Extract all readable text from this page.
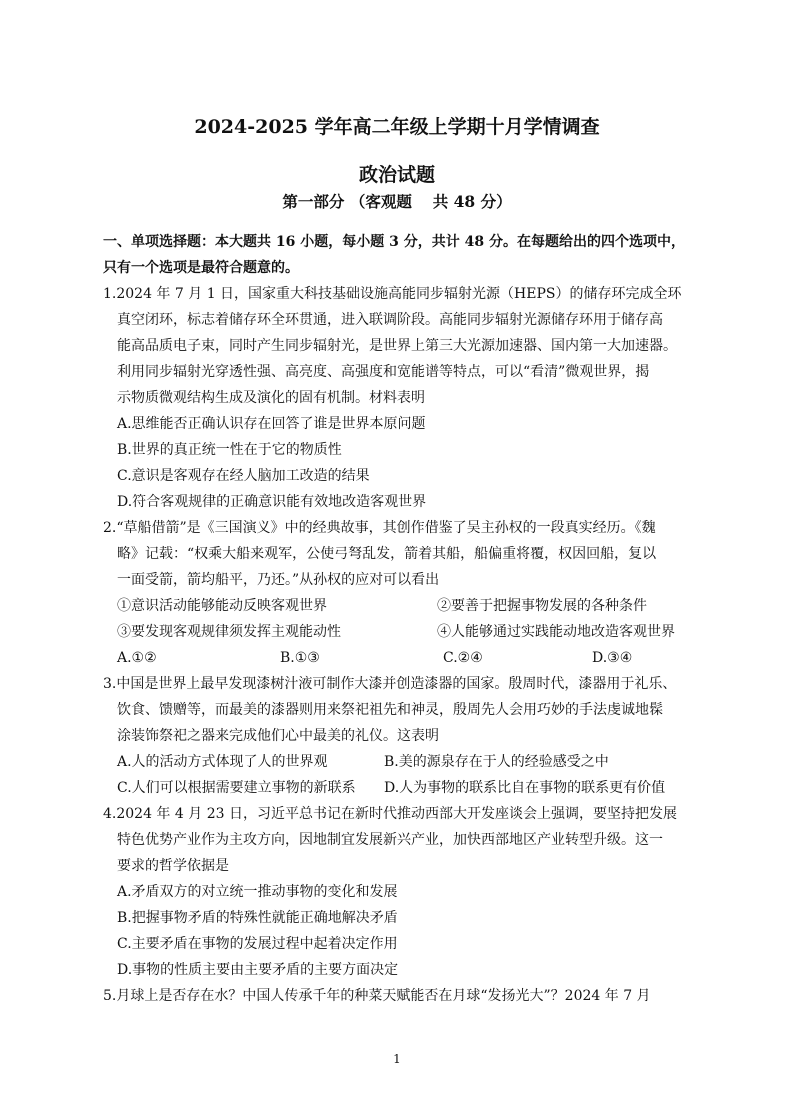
2024-2025 学年高二年级上学期十月学情调查
政治试题
第一部分 （客观题　 共 48 分）
一、单项选择题：本大题共 16 小题，每小题 3 分，共计 48 分。在每题给出的四个选项中，
只有一个选项是最符合题意的。
1.2024 年 7 月 1 日，国家重大科技基础设施高能同步辐射光源（HEPS）的储存环完成全环
真空闭环，标志着储存环全环贯通，进入联调阶段。高能同步辐射光源储存环用于储存高
能高品质电子束，同时产生同步辐射光，是世界上第三大光源加速器、国内第一大加速器。
利用同步辐射光穿透性强、高亮度、高强度和宽能谱等特点，可以“看清”微观世界，揭
示物质微观结构生成及演化的固有机制。材料表明
A.思维能否正确认识存在回答了谁是世界本原问题
B.世界的真正统一性在于它的物质性
C.意识是客观存在经人脑加工改造的结果
D.符合客观规律的正确意识能有效地改造客观世界
2.“草船借箭”是《三国演义》中的经典故事，其创作借鉴了吴主孙权的一段真实经历。《魏
略》记载：“权乘大船来观军，公使弓弩乱发，箭着其船，船偏重将覆，权因回船，复以
一面受箭，箭均船平，乃还。”从孙权的应对可以看出
①意识活动能够能动反映客观世界	②要善于把握事物发展的各种条件
③要发现客观规律须发挥主观能动性	④人能够通过实践能动地改造客观世界
A.①②	B.①③	C.②④	D.③④
3.中国是世界上最早发现漆树汁液可制作大漆并创造漆器的国家。殷周时代，漆器用于礼乐、
饮食、馈赠等，而最美的漆器则用来祭祀祖先和神灵，殷周先人会用巧妙的手法虔诚地髹
涂装饰祭祀之器来完成他们心中最美的礼仪。这表明
A.人的活动方式体现了人的世界观	B.美的源泉存在于人的经验感受之中
C.人们可以根据需要建立事物的新联系 D.人为事物的联系比自在事物的联系更有价值
4.2024 年 4 月 23 日，习近平总书记在新时代推动西部大开发座谈会上强调，要坚持把发展
特色优势产业作为主攻方向，因地制宜发展新兴产业，加快西部地区产业转型升级。这一
要求的哲学依据是
A.矛盾双方的对立统一推动事物的变化和发展
B.把握事物矛盾的特殊性就能正确地解决矛盾
C.主要矛盾在事物的发展过程中起着决定作用
D.事物的性质主要由主要矛盾的主要方面决定
5.月球上是否存在水？中国人传承千年的种菜天赋能否在月球“发扬光大”？2024 年 7 月
1
